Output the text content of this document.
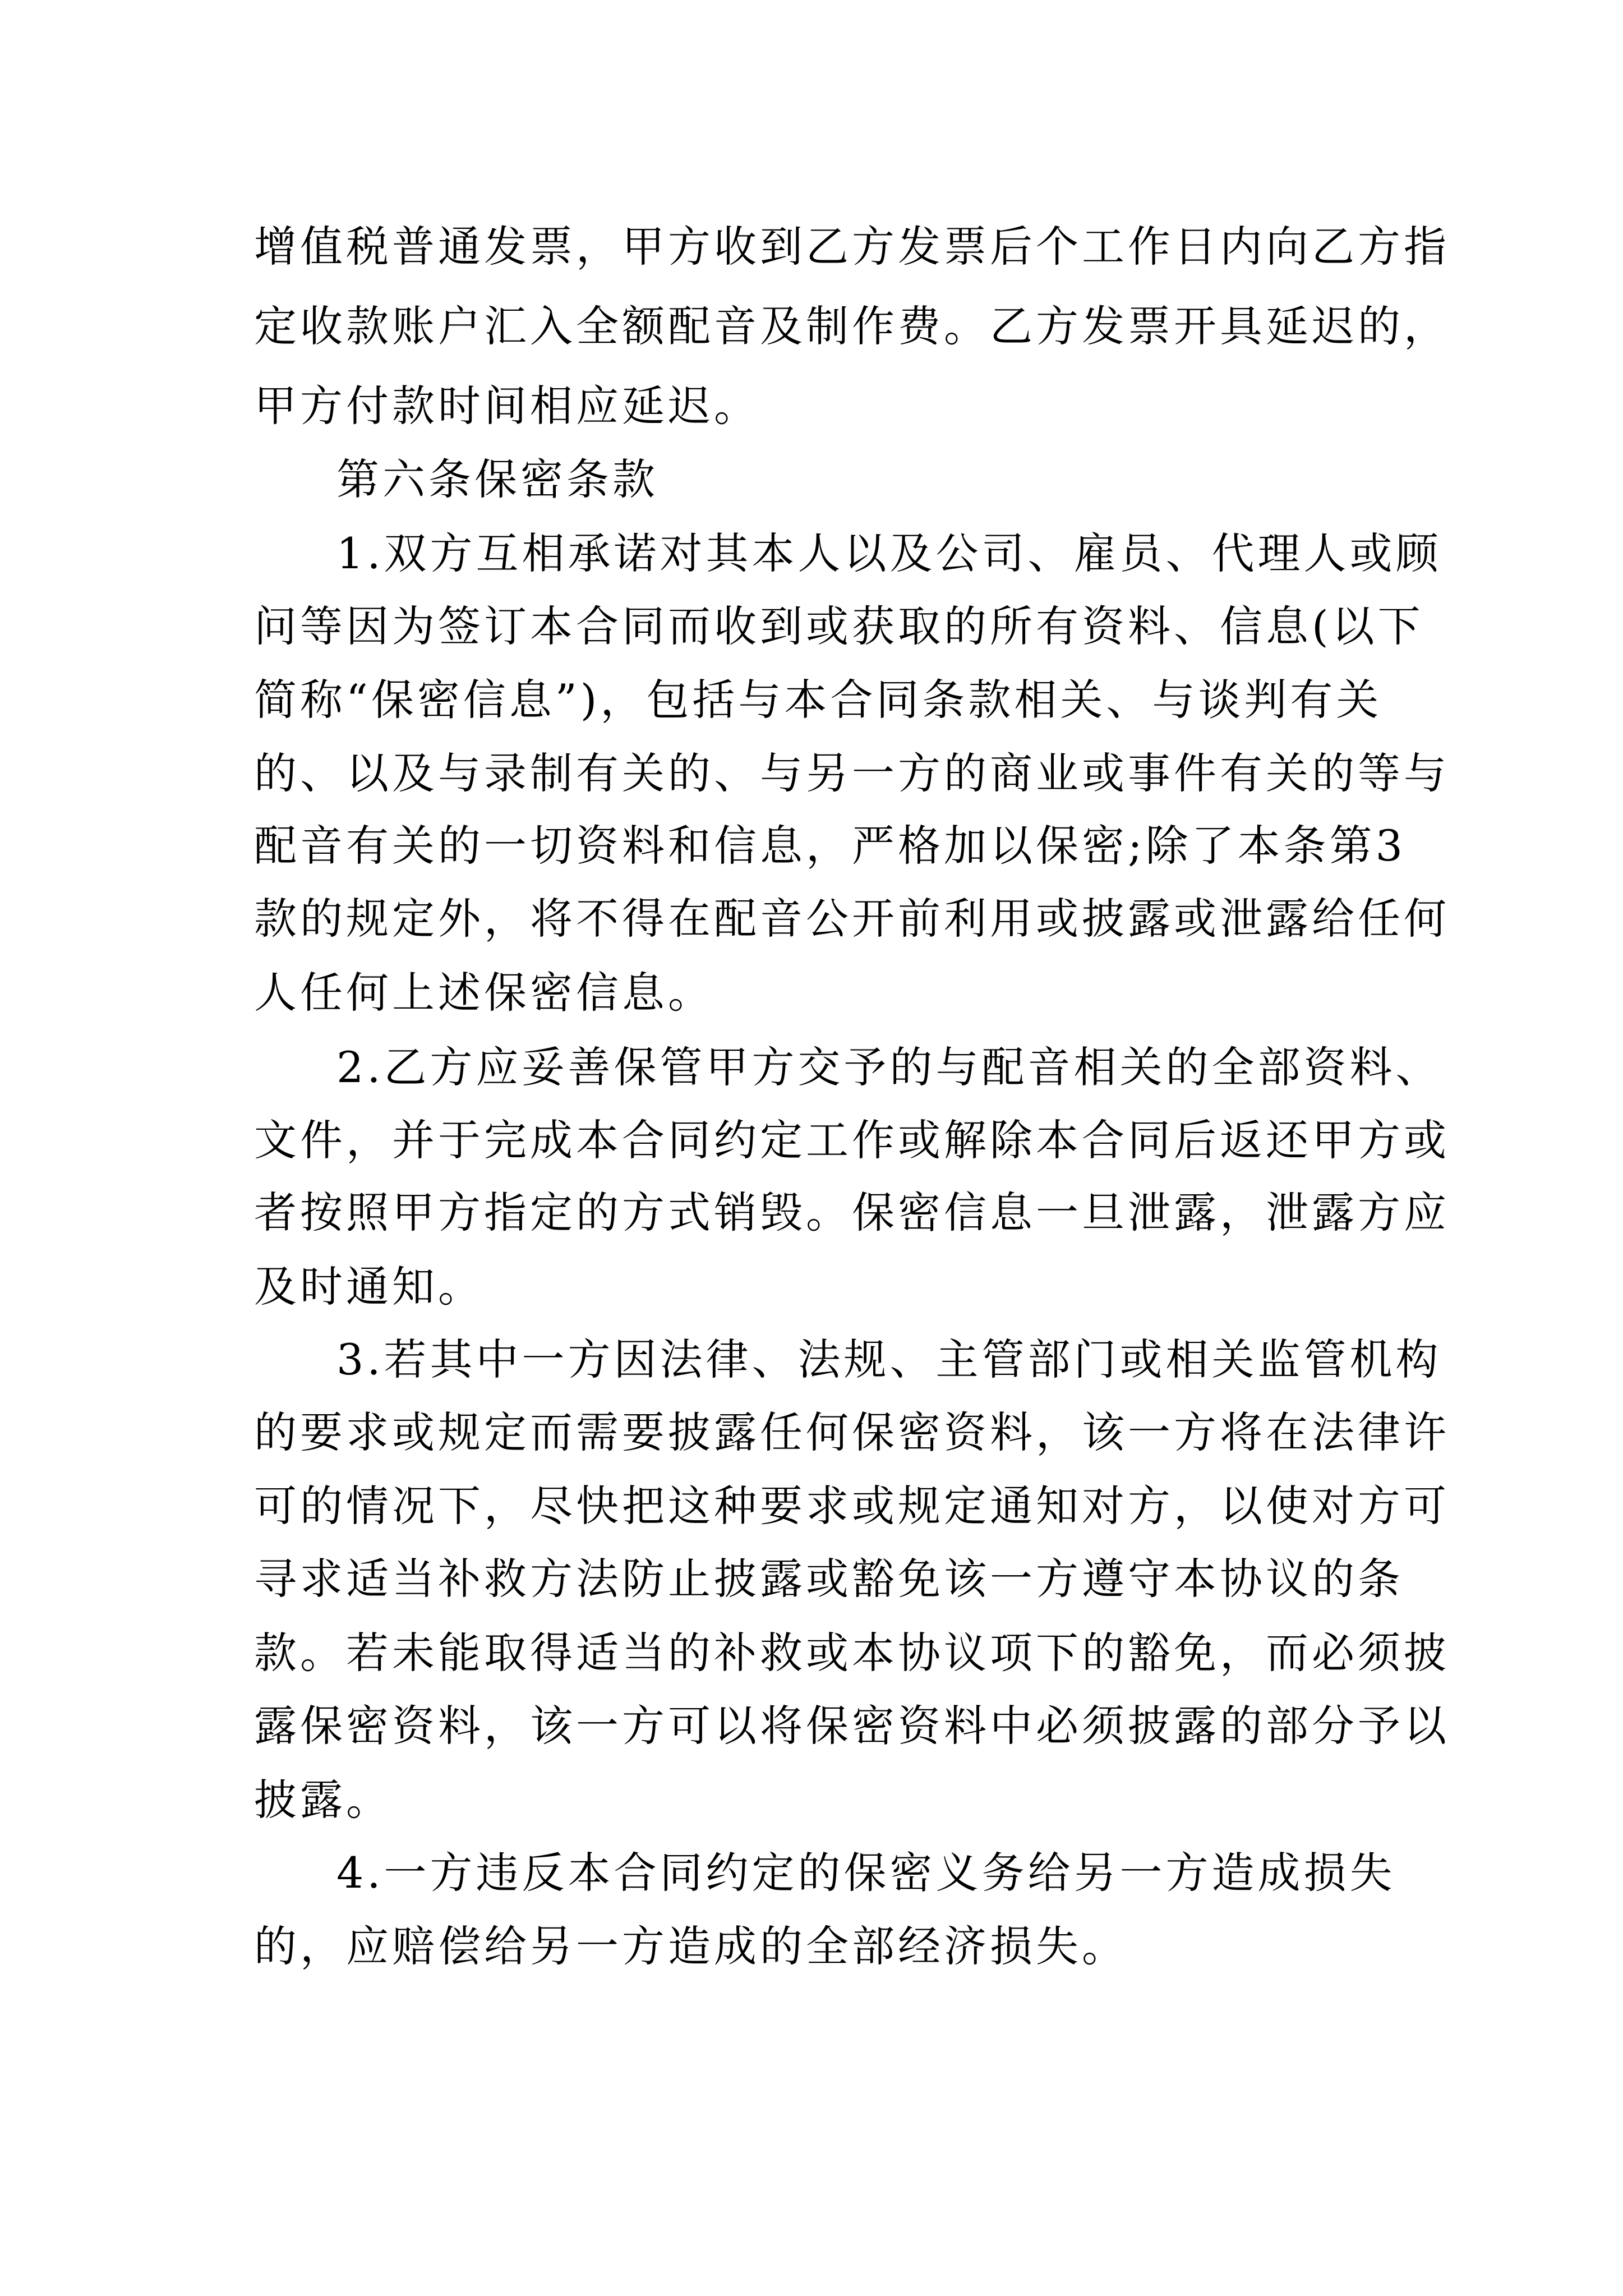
增值税普通发票，甲方收到乙方发票后个工作日内向乙方指
定收款账户汇入全额配音及制作费。乙方发票开具延迟的，
甲方付款时间相应延迟。
第六条保密条款
1.双方互相承诺对其本人以及公司、雇员、代理人或顾
问等因为签订本合同而收到或获取的所有资料、信息(以下
简称“保密信息”)，包括与本合同条款相关、与谈判有关
的、以及与录制有关的、与另一方的商业或事件有关的等与
配音有关的一切资料和信息，严格加以保密;除了本条第3
款的规定外，将不得在配音公开前利用或披露或泄露给任何
人任何上述保密信息。
2.乙方应妥善保管甲方交予的与配音相关的全部资料、
文件，并于完成本合同约定工作或解除本合同后返还甲方或
者按照甲方指定的方式销毁。保密信息一旦泄露，泄露方应
及时通知。
3.若其中一方因法律、法规、主管部门或相关监管机构
的要求或规定而需要披露任何保密资料，该一方将在法律许
可的情况下，尽快把这种要求或规定通知对方，以使对方可
寻求适当补救方法防止披露或豁免该一方遵守本协议的条
款。若未能取得适当的补救或本协议项下的豁免，而必须披
露保密资料，该一方可以将保密资料中必须披露的部分予以
披露。
4.一方违反本合同约定的保密义务给另一方造成损失
的，应赔偿给另一方造成的全部经济损失。
